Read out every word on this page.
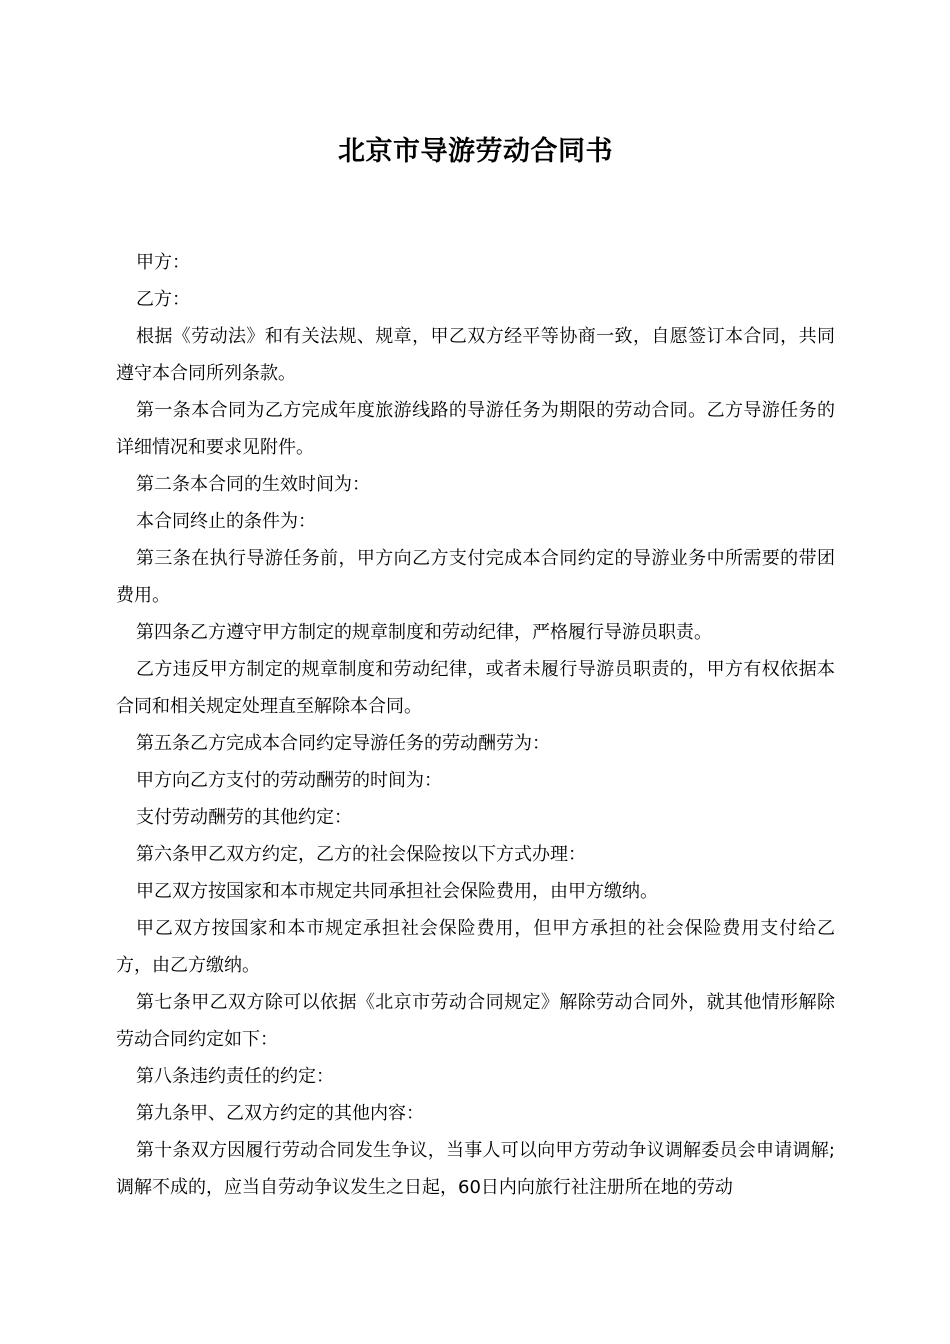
北京市导游劳动合同书

甲方：

乙方：

根据《劳动法》和有关法规、规章，甲乙双方经平等协商一致，自愿签订本合同，共同遵守本合同所列条款。

第一条本合同为乙方完成年度旅游线路的导游任务为期限的劳动合同。乙方导游任务的详细情况和要求见附件。

第二条本合同的生效时间为：

本合同终止的条件为：

第三条在执行导游任务前，甲方向乙方支付完成本合同约定的导游业务中所需要的带团费用。

第四条乙方遵守甲方制定的规章制度和劳动纪律，严格履行导游员职责。

乙方违反甲方制定的规章制度和劳动纪律，或者未履行导游员职责的，甲方有权依据本合同和相关规定处理直至解除本合同。

第五条乙方完成本合同约定导游任务的劳动酬劳为：

甲方向乙方支付的劳动酬劳的时间为：

支付劳动酬劳的其他约定：

第六条甲乙双方约定，乙方的社会保险按以下方式办理：

甲乙双方按国家和本市规定共同承担社会保险费用，由甲方缴纳。

甲乙双方按国家和本市规定承担社会保险费用，但甲方承担的社会保险费用支付给乙方，由乙方缴纳。

第七条甲乙双方除可以依据《北京市劳动合同规定》解除劳动合同外，就其他情形解除劳动合同约定如下：

第八条违约责任的约定：

第九条甲、乙双方约定的其他内容：

第十条双方因履行劳动合同发生争议，当事人可以向甲方劳动争议调解委员会申请调解;调解不成的，应当自劳动争议发生之日起，60日内向旅行社注册所在地的劳动
